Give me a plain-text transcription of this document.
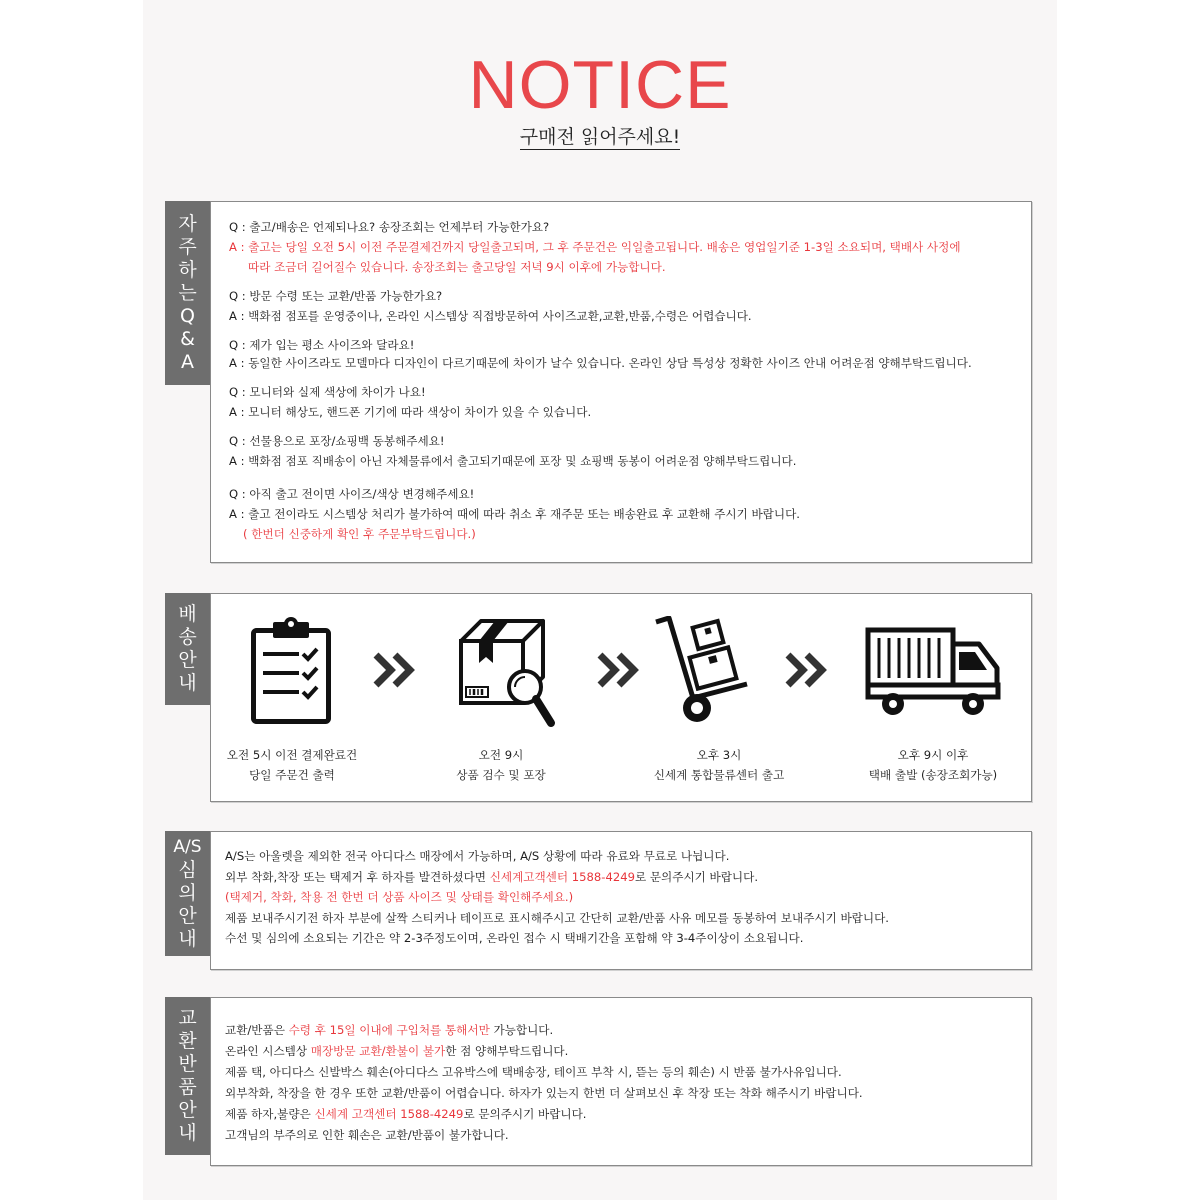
NOTICE
구매전 읽어주세요!
자
주
하
는
Q
&
A
Q : 출고/배송은 언제되나요? 송장조회는 언제부터 가능한가요?
A : 출고는 당일 오전 5시 이전 주문결제건까지 당일출고되며, 그 후 주문건은 익일출고됩니다. 배송은 영업일기준 1-3일 소요되며, 택배사 사정에
따라 조금더 길어질수 있습니다. 송장조회는 출고당일 저녁 9시 이후에 가능합니다.
Q : 방문 수령 또는 교환/반품 가능한가요?
A : 백화점 점포를 운영중이나, 온라인 시스템상 직접방문하여 사이즈교환,교환,반품,수령은 어렵습니다.
Q : 제가 입는 평소 사이즈와 달라요!
A : 동일한 사이즈라도 모델마다 디자인이 다르기때문에 차이가 날수 있습니다. 온라인 상담 특성상 정확한 사이즈 안내 어려운점 양해부탁드립니다.
Q : 모니터와 실제 색상에 차이가 나요!
A : 모니터 해상도, 핸드폰 기기에 따라 색상이 차이가 있을 수 있습니다.
Q : 선물용으로 포장/쇼핑백 동봉해주세요!
A : 백화점 점포 직배송이 아닌 자체물류에서 출고되기때문에 포장 및 쇼핑백 동봉이 어려운점 양해부탁드립니다.
Q : 아직 출고 전이면 사이즈/색상 변경해주세요!
A : 출고 전이라도 시스템상 처리가 불가하여 때에 따라 취소 후 재주문 또는 배송완료 후 교환해 주시기 바랍니다.
( 한번더 신중하게 확인 후 주문부탁드립니다.)
배
송
안
내
오전 5시 이전 결제완료건
당일 주문건 출력
오전 9시
상품 검수 및 포장
오후 3시
신세계 통합물류센터 출고
오후 9시 이후
택배 출발 (송장조회가능)
A/S
심
의
안
내
A/S는 아울렛을 제외한 전국 아디다스 매장에서 가능하며, A/S 상황에 따라 유료와 무료로 나뉩니다.
외부 착화,착장 또는 택제거 후 하자를 발견하셨다면 신세계고객센터 1588-4249로 문의주시기 바랍니다.
(택제거, 착화, 착용 전 한번 더 상품 사이즈 및 상태를 확인해주세요.)
제품 보내주시기전 하자 부분에 살짝 스티커나 테이프로 표시해주시고 간단히 교환/반품 사유 메모를 동봉하여 보내주시기 바랍니다.
수선 및 심의에 소요되는 기간은 약 2-3주정도이며, 온라인 접수 시 택배기간을 포함해 약 3-4주이상이 소요됩니다.
교
환
반
품
안
내
교환/반품은 수령 후 15일 이내에 구입처를 통해서만 가능합니다.
온라인 시스템상 매장방문 교환/환불이 불가한 점 양해부탁드립니다.
제품 택, 아디다스 신발박스 훼손(아디다스 고유박스에 택배송장, 테이프 부착 시, 뜯는 등의 훼손) 시 반품 불가사유입니다.
외부착화, 착장을 한 경우 또한 교환/반품이 어렵습니다. 하자가 있는지 한번 더 살펴보신 후 착장 또는 착화 해주시기 바랍니다.
제품 하자,불량은 신세계 고객센터 1588-4249로 문의주시기 바랍니다.
고객님의 부주의로 인한 훼손은 교환/반품이 불가합니다.
